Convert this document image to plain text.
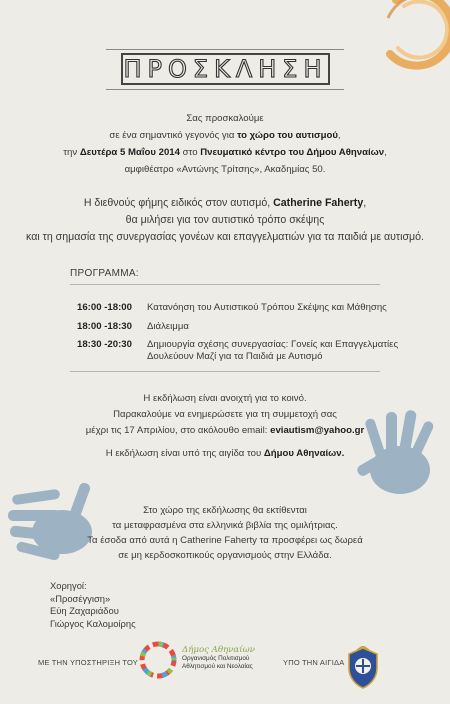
ΠΡΟΣΚΛΗΣΗ
Σας προσκαλούμε
σε ένα σημαντικό γεγονός για το χώρο του αυτισμού,
την Δευτέρα 5 Μαΐου 2014 στο Πνευματικό κέντρο του Δήμου Αθηναίων,
αμφιθέατρο «Αντώνης Τρίτσης», Ακαδημίας 50.
Η διεθνούς φήμης ειδικός στον αυτισμό, Catherine Faherty,
θα μιλήσει για τον αυτιστικό τρόπο σκέψης
και τη σημασία της συνεργασίας γονέων και επαγγελματιών για τα παιδιά με αυτισμό.
ΠΡΟΓΡΑΜΜΑ:
16:00 -18:00 Κατανόηση του Αυτιστικού Τρόπου Σκέψης και Μάθησης
18:00 -18:30 Διάλειμμα
18:30 -20:30 Δημιουργία σχέσης συνεργασίας: Γονείς και Επαγγελματίες
Δουλεύουν Μαζί για τα Παιδιά με Αυτισμό
Η εκδήλωση είναι ανοιχτή για το κοινό.
Παρακαλούμε να ενημερώσετε για τη συμμετοχή σας
μέχρι τις 17 Απριλίου, στο ακόλουθο email: eviautism@yahoo.gr
Η εκδήλωση είναι υπό της αιγίδα του Δήμου Αθηναίων.
Στο χώρο της εκδήλωσης θα εκτίθενται
τα μεταφρασμένα στα ελληνικά βιβλία της ομιλήτριας.
Τα έσοδα από αυτά η Catherine Faherty τα προσφέρει ως δωρεά
σε μη κερδοσκοπικούς οργανισμούς στην Ελλάδα.
Χορηγοί:
«Προσέγγιση»
Εύη Ζαχαριάδου
Γιώργος Καλομοίρης
ΜΕ ΤΗΝ ΥΠΟΣΤΗΡΙΞΗ ΤΟΥ
Δήμος Αθηναίων
Οργανισμός Πολιτισμού
Αθλητισμού και Νεολαίας	ΥΠΟ ΤΗΝ ΑΙΓΙΔΑ
